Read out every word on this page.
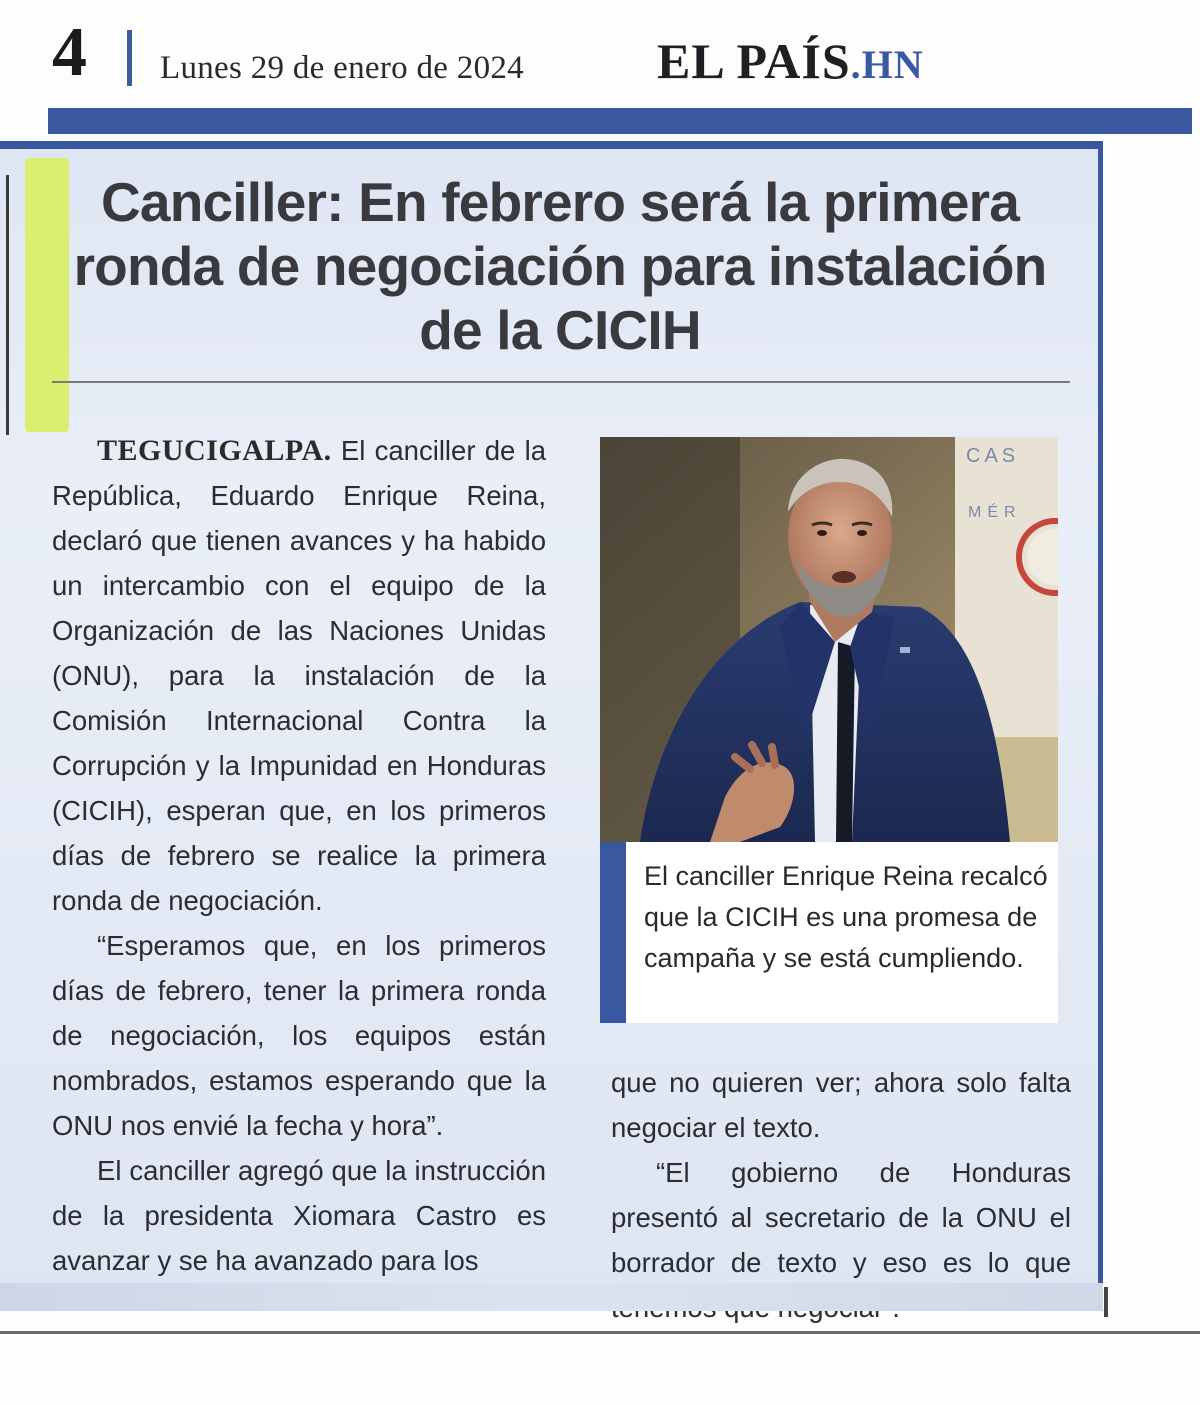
4 Lunes 29 de enero de 2024	EL PAÍS.HN
Canciller: En febrero será la primera ronda de negociación para instalación de la CICIH

TEGUCIGALPA. El canciller de la República, Eduardo Enrique Reina, declaró que tienen avances y ha habido un intercambio con el equipo de la Organización de las Naciones Unidas (ONU), para la instalación de la Comisión Internacional Contra la Corrupción y la Impunidad en Honduras (CICIH), esperan que, en los primeros días de febrero se realice la primera ronda de negociación.

“Esperamos que, en los primeros días de febrero, tener la primera ronda de negociación, los equipos están nombrados, estamos esperando que la ONU nos envié la fecha y hora”.

El canciller agregó que la instrucción de la presidenta Xiomara Castro es avanzar y se ha avanzado para los

CAS
MÉR

El canciller Enrique Reina recalcó que la CICIH es una promesa de campaña y se está cumpliendo.

que no quieren ver; ahora solo falta negociar el texto.

“El gobierno de Honduras presentó al secretario de la ONU el borrador de texto y eso es lo que
